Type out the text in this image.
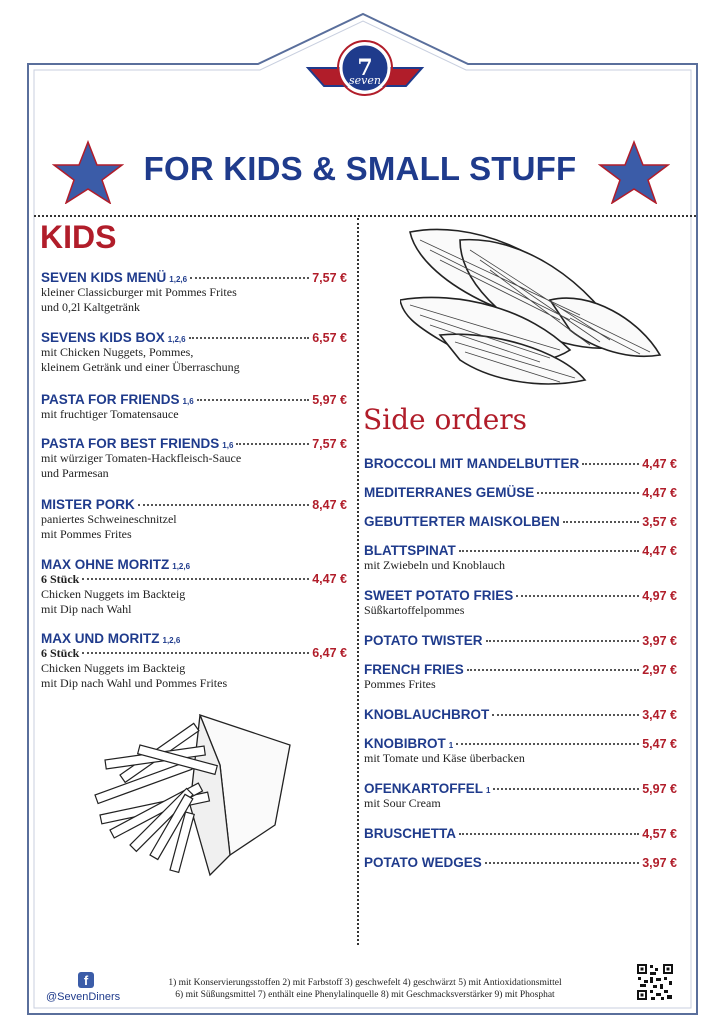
7
seven
FOR KIDS & SMALL STUFF
KIDS
Side orders
SEVEN KIDS MENÜ 1,2,6	7,57 €
kleiner Classicburger mit Pommes Frites
und 0,2l Kaltgetränk
SEVENS KIDS BOX 1,2,6	6,57 €
mit Chicken Nuggets, Pommes,
kleinem Getränk und einer Überraschung
PASTA FOR FRIENDS 1,6	5,97 €
mit fruchtiger Tomatensauce
PASTA FOR BEST FRIENDS 1,6	7,57 €
mit würziger Tomaten-Hackfleisch-Sauce
und Parmesan
MISTER PORK	8,47 €
paniertes Schweineschnitzel
mit Pommes Frites
MAX OHNE MORITZ 1,2,6
6 Stück	4,47 €
Chicken Nuggets im Backteig
mit Dip nach Wahl
MAX UND MORITZ 1,2,6
6 Stück	6,47 €
Chicken Nuggets im Backteig
mit Dip nach Wahl und Pommes Frites
BROCCOLI MIT MANDELBUTTER	4,47 €
MEDITERRANES GEMÜSE	4,47 €
GEBUTTERTER MAISKOLBEN	3,57 €
BLATTSPINAT	4,47 €
mit Zwiebeln und Knoblauch
SWEET POTATO FRIES	4,97 €
Süßkartoffelpommes
POTATO TWISTER	3,97 €
FRENCH FRIES	2,97 €
Pommes Frites
KNOBLAUCHBROT	3,47 €
KNOBIBROT 1	5,47 €
mit Tomate und Käse überbacken
OFENKARTOFFEL 1	5,97 €
mit Sour Cream
BRUSCHETTA	4,57 €
POTATO WEDGES	3,97 €
f
@SevenDiners
1) mit Konservierungsstoffen 2) mit Farbstoff 3) geschwefelt 4) geschwärzt 5) mit Antioxidationsmittel
6) mit Süßungsmittel 7) enthält eine Phenylalinquelle 8) mit Geschmacksverstärker 9) mit Phosphat
